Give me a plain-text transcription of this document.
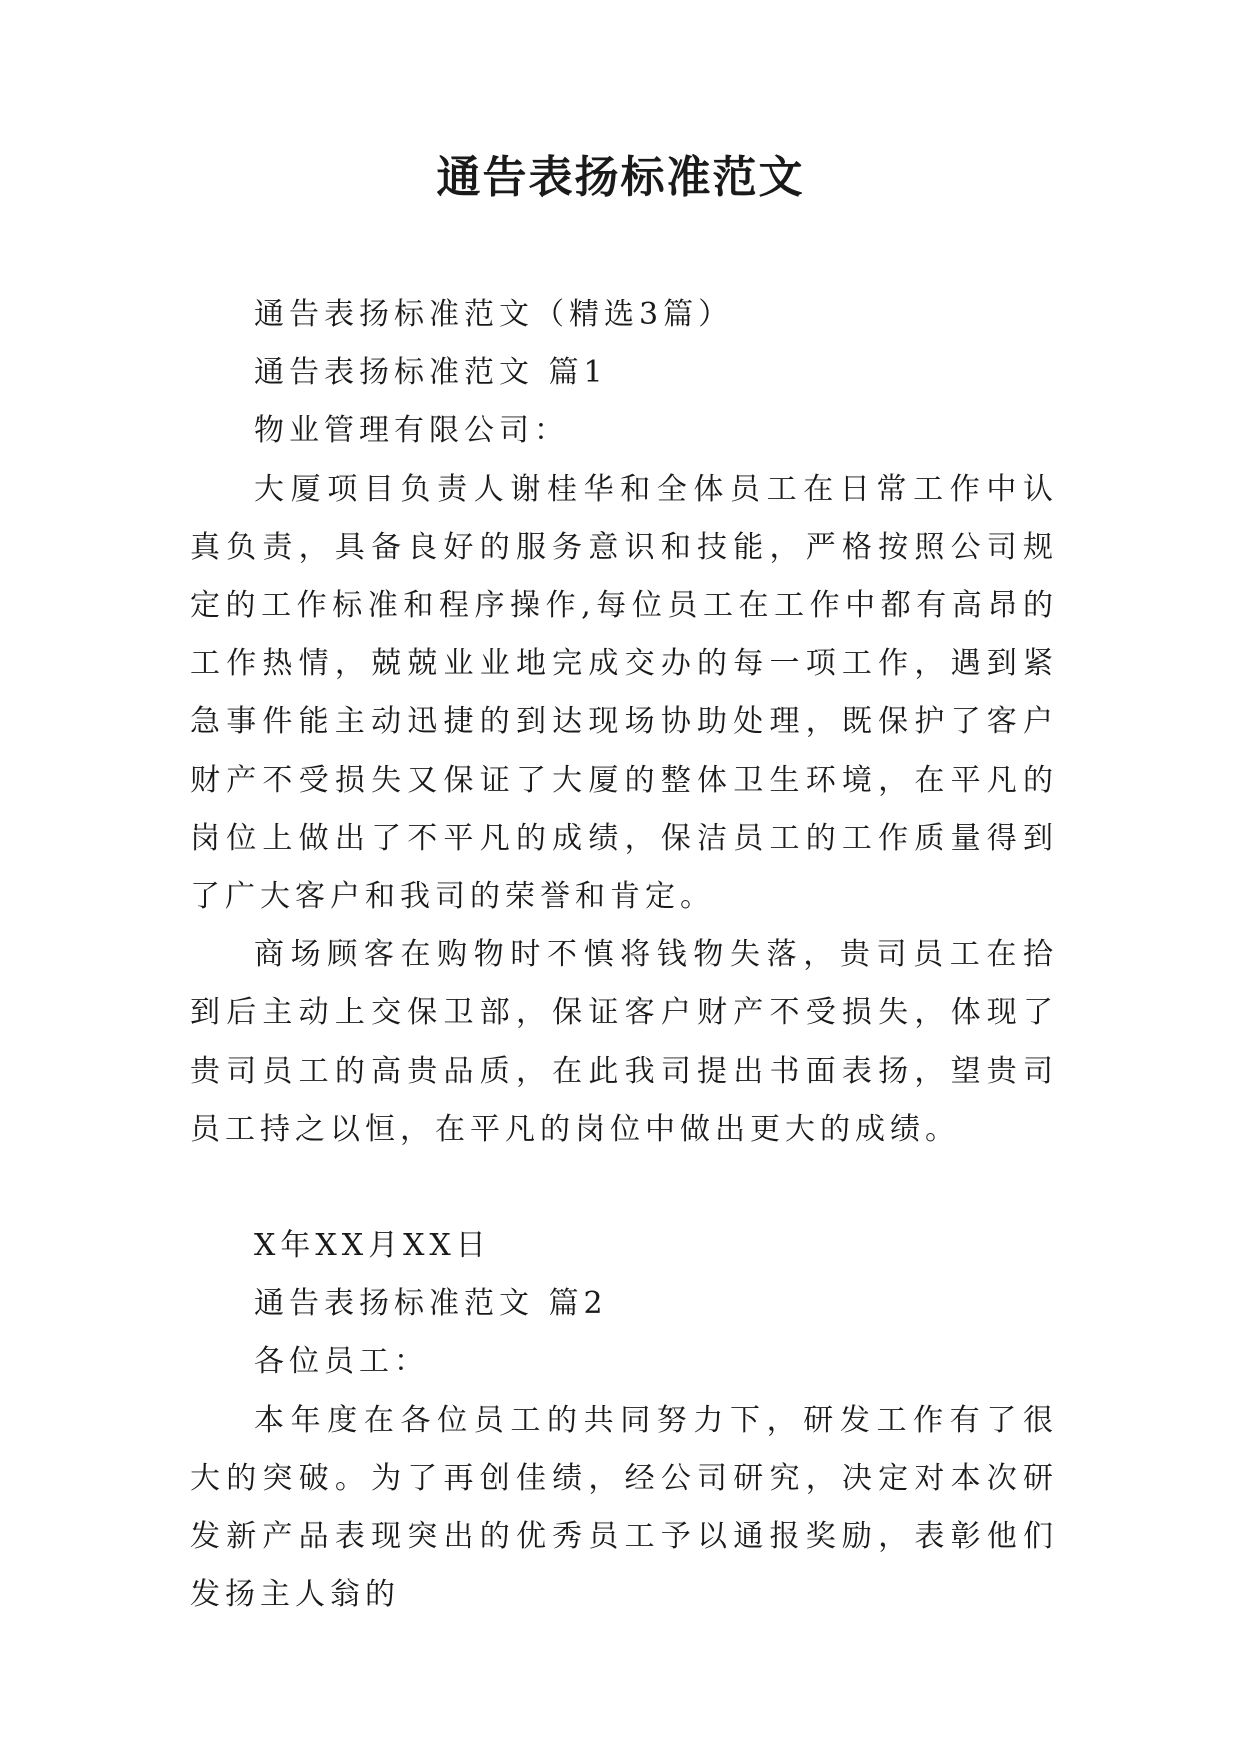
通告表扬标准范文

通告表扬标准范文（精选3篇）

通告表扬标准范文 篇1

物业管理有限公司：

大厦项目负责人谢桂华和全体员工在日常工作中认真负责，具备良好的服务意识和技能，严格按照公司规定的工作标准和程序操作,每位员工在工作中都有高昂的工作热情，兢兢业业地完成交办的每一项工作，遇到紧急事件能主动迅捷的到达现场协助处理，既保护了客户财产不受损失又保证了大厦的整体卫生环境，在平凡的岗位上做出了不平凡的成绩，保洁员工的工作质量得到了广大客户和我司的荣誉和肯定。

商场顾客在购物时不慎将钱物失落，贵司员工在拾到后主动上交保卫部，保证客户财产不受损失，体现了贵司员工的高贵品质，在此我司提出书面表扬，望贵司员工持之以恒，在平凡的岗位中做出更大的成绩。

X年XX月XX日

通告表扬标准范文 篇2

各位员工：

本年度在各位员工的共同努力下，研发工作有了很大的突破。为了再创佳绩，经公司研究，决定对本次研发新产品表现突出的优秀员工予以通报奖励，表彰他们发扬主人翁的
